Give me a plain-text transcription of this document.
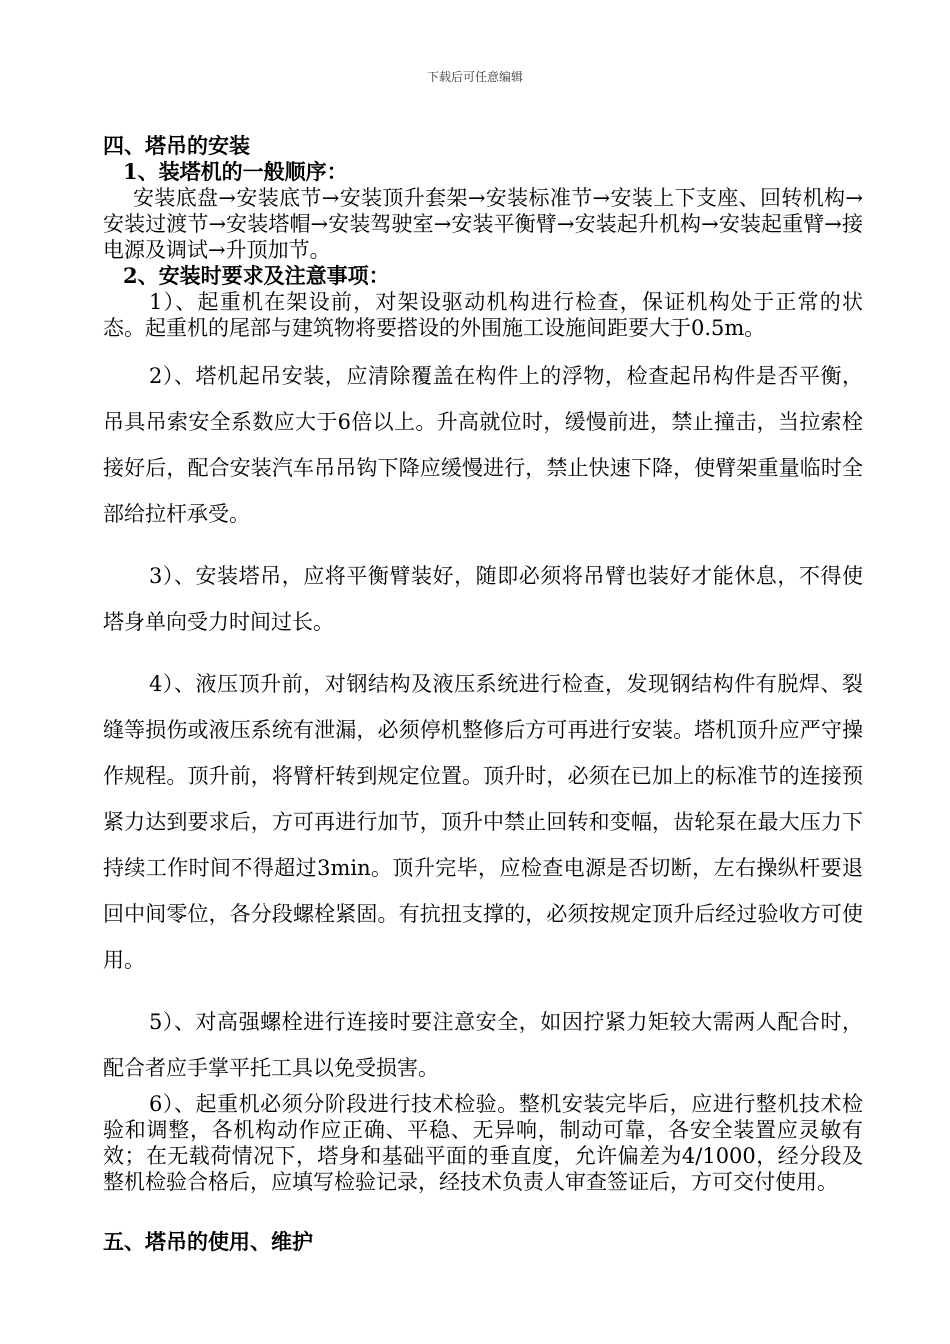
下载后可任意编辑

四、塔吊的安装

1、装塔机的一般顺序：

安装底盘→安装底节→安装顶升套架→安装标准节→安装上下支座、回转机构→安装过渡节→安装塔帽→安装驾驶室→安装平衡臂→安装起升机构→安装起重臂→接电源及调试→升顶加节。

2、安装时要求及注意事项：

1）、起重机在架设前，对架设驱动机构进行检查，保证机构处于正常的状态。起重机的尾部与建筑物将要搭设的外围施工设施间距要大于0.5m。

2）、塔机起吊安装，应清除覆盖在构件上的浮物，检查起吊构件是否平衡，吊具吊索安全系数应大于6倍以上。升高就位时，缓慢前进，禁止撞击，当拉索栓接好后，配合安装汽车吊吊钩下降应缓慢进行，禁止快速下降，使臂架重量临时全部给拉杆承受。

3）、安装塔吊，应将平衡臂装好，随即必须将吊臂也装好才能休息，不得使塔身单向受力时间过长。

4）、液压顶升前，对钢结构及液压系统进行检查，发现钢结构件有脱焊、裂缝等损伤或液压系统有泄漏，必须停机整修后方可再进行安装。塔机顶升应严守操作规程。顶升前，将臂杆转到规定位置。顶升时，必须在已加上的标准节的连接预紧力达到要求后，方可再进行加节，顶升中禁止回转和变幅，齿轮泵在最大压力下持续工作时间不得超过3min。顶升完毕，应检查电源是否切断，左右操纵杆要退回中间零位，各分段螺栓紧固。有抗扭支撑的，必须按规定顶升后经过验收方可使用。

5）、对高强螺栓进行连接时要注意安全，如因拧紧力矩较大需两人配合时，配合者应手掌平托工具以免受损害。

6）、起重机必须分阶段进行技术检验。整机安装完毕后，应进行整机技术检验和调整，各机构动作应正确、平稳、无异响，制动可靠，各安全装置应灵敏有效；在无载荷情况下，塔身和基础平面的垂直度，允许偏差为4/1000，经分段及整机检验合格后，应填写检验记录，经技术负责人审查签证后，方可交付使用。

五、塔吊的使用、维护
